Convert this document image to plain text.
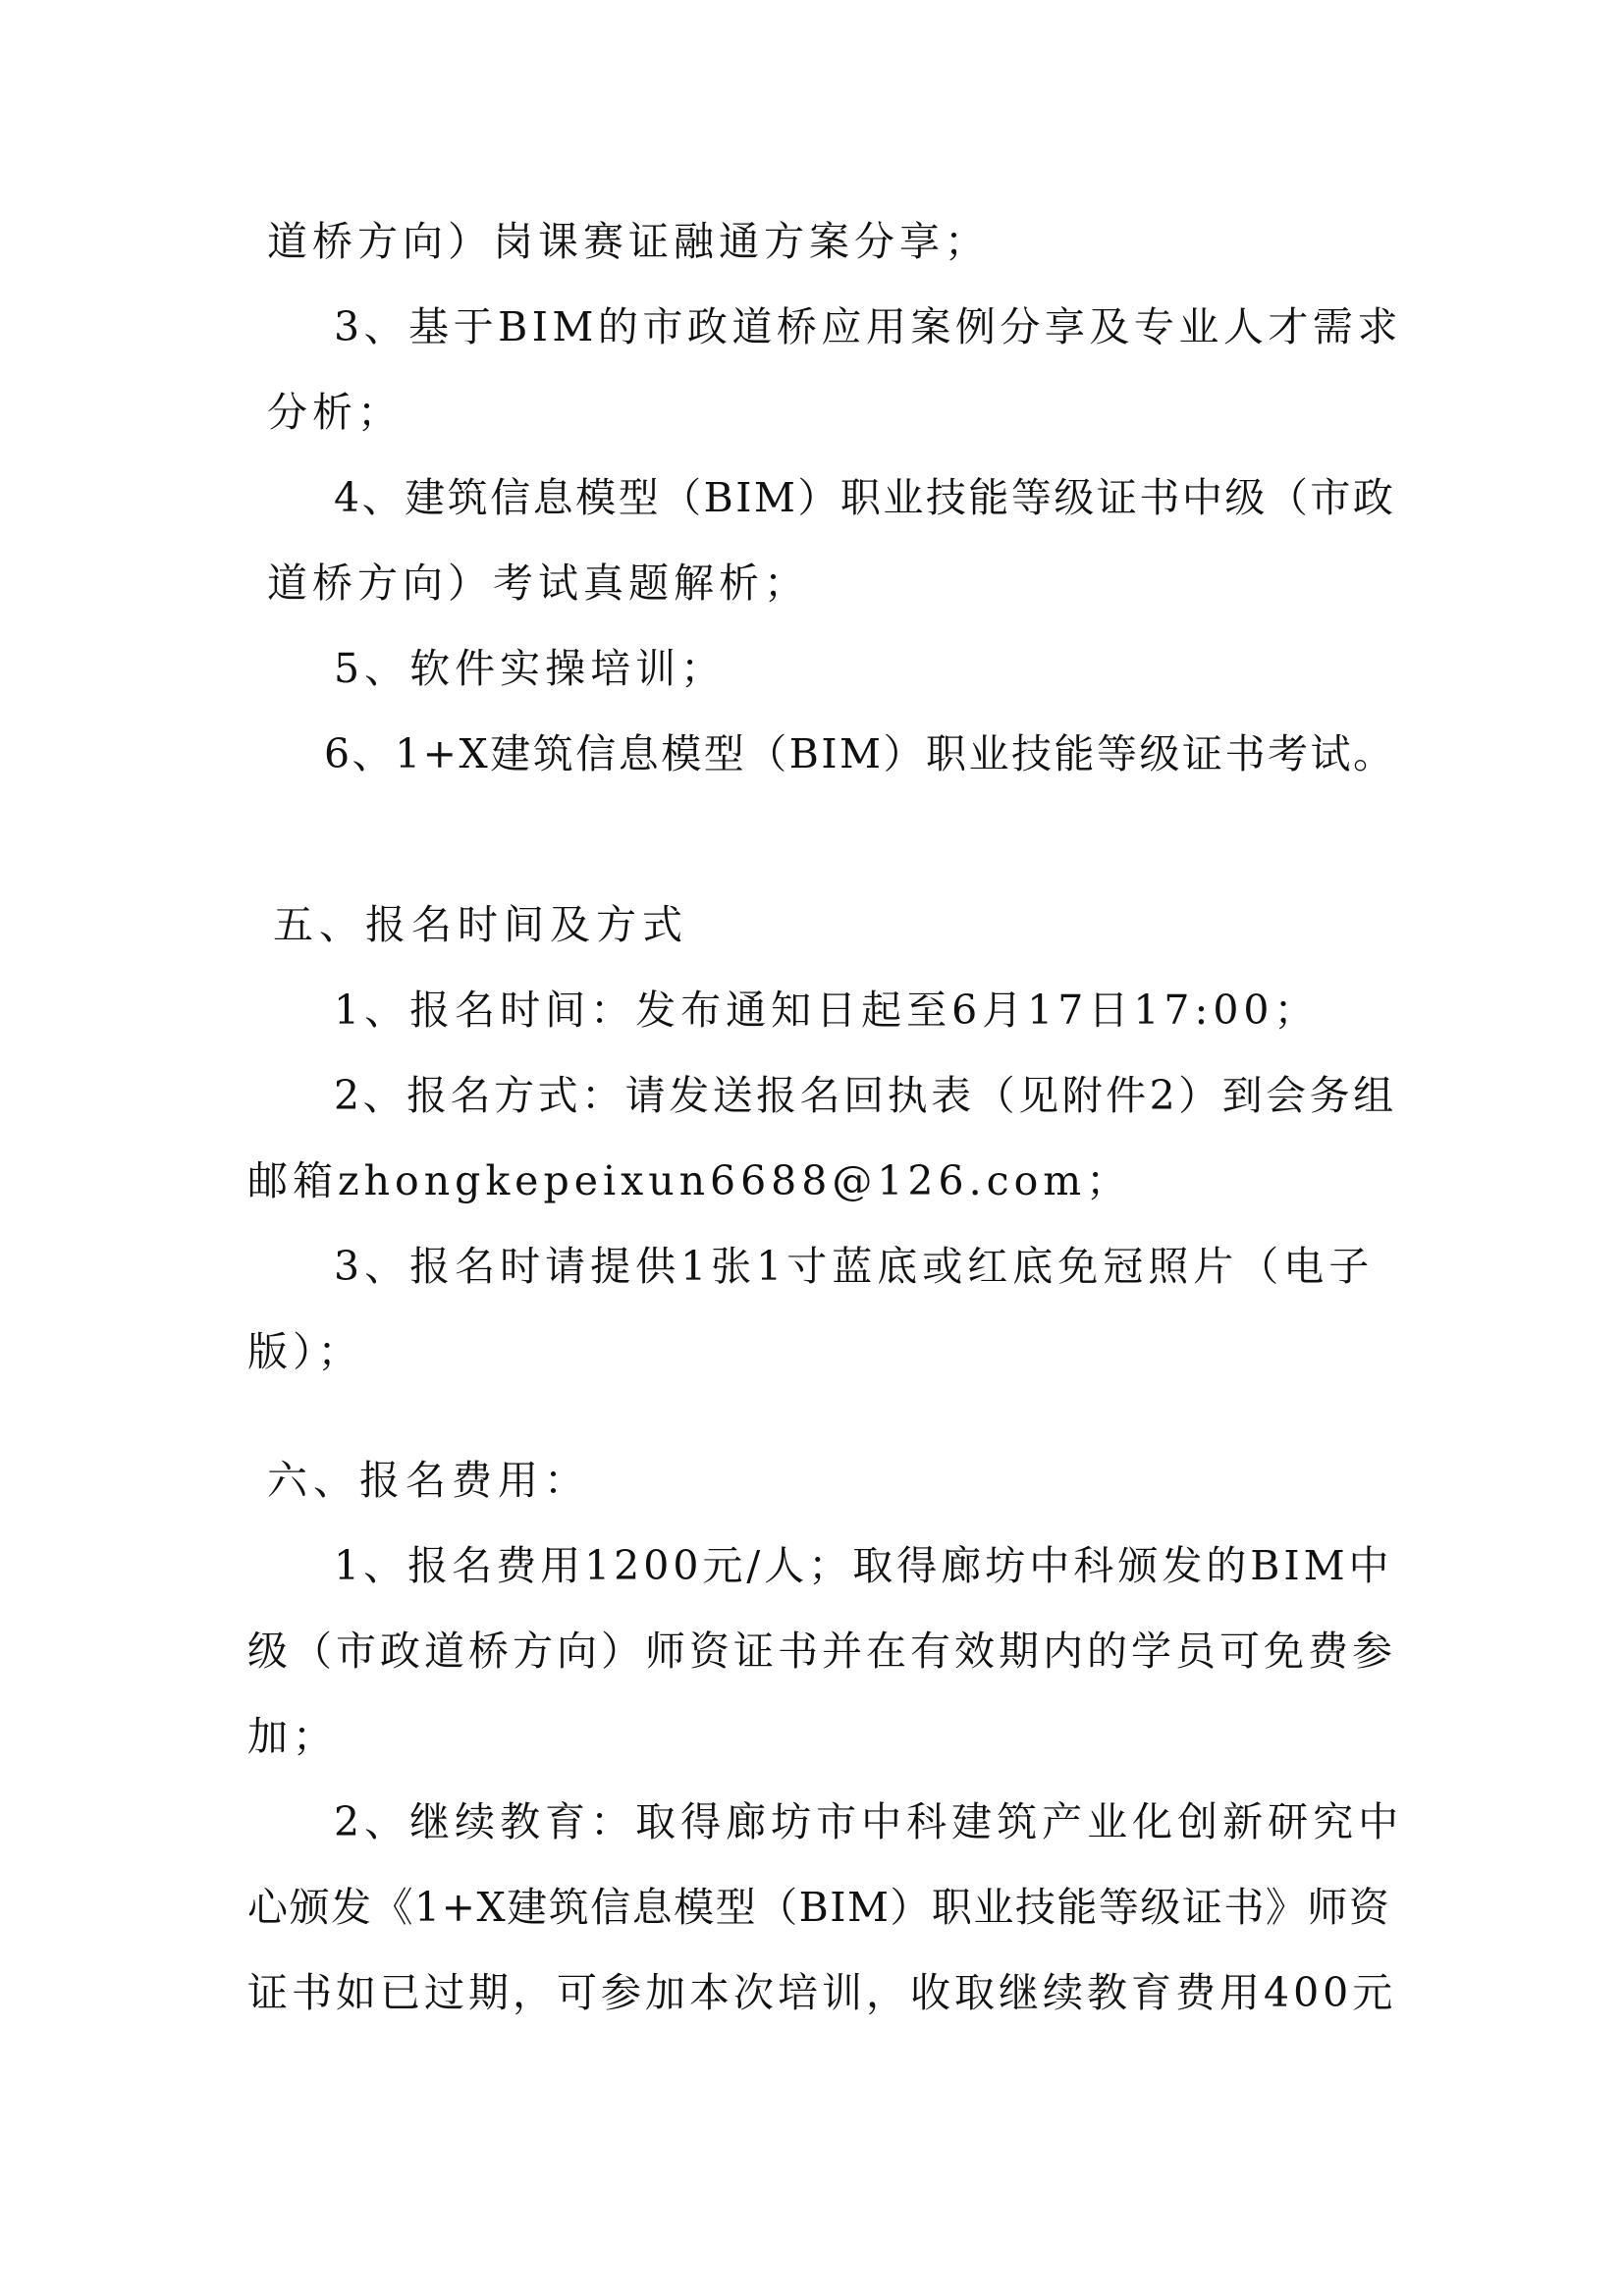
道桥方向）岗课赛证融通方案分享；

3、基于BIM的市政道桥应用案例分享及专业人才需求

分析；

4、建筑信息模型（BIM）职业技能等级证书中级（市政

道桥方向）考试真题解析；

5、软件实操培训；

6、1+X建筑信息模型（BIM）职业技能等级证书考试。

五、报名时间及方式

1、报名时间：发布通知日起至6月17日17:00；

2、报名方式：请发送报名回执表（见附件2）到会务组

邮箱zhongkepeixun6688@126.com；

3、报名时请提供1张1寸蓝底或红底免冠照片（电子

版）；

六、报名费用：

1、报名费用1200元/人；取得廊坊中科颁发的BIM中

级（市政道桥方向）师资证书并在有效期内的学员可免费参

加；

2、继续教育：取得廊坊市中科建筑产业化创新研究中

心颁发《1+X建筑信息模型（BIM）职业技能等级证书》师资

证书如已过期，可参加本次培训，收取继续教育费用400元
